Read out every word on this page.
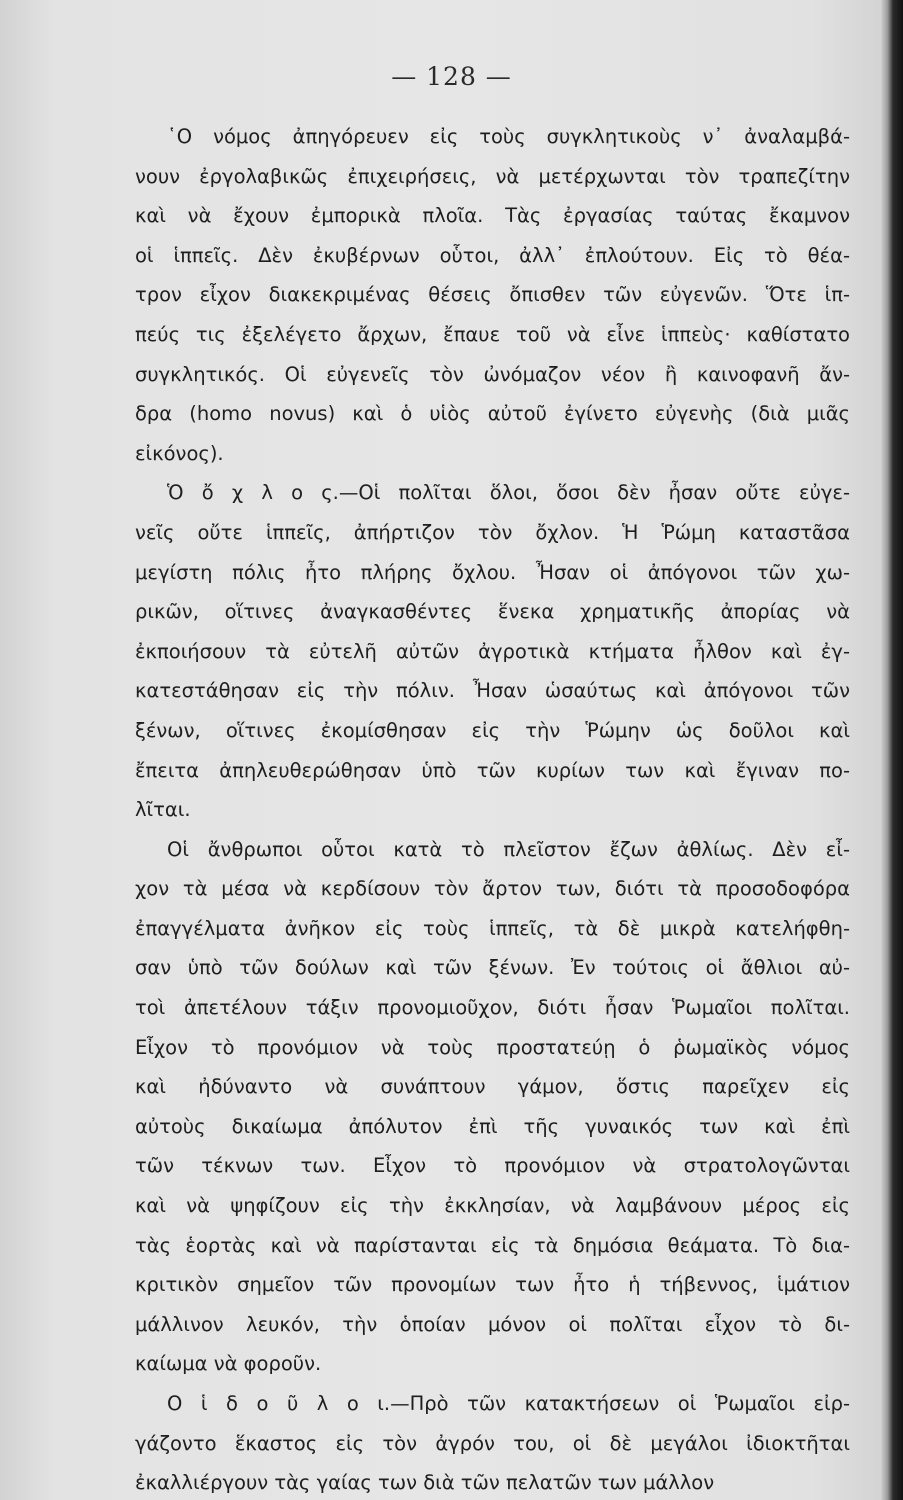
— 128 —
῾Ο νόμος ἀπηγόρευεν εἰς τοὺς συγκλητικοὺς ν᾿ ἀναλαμβά-
νουν ἐργολαβικῶς ἐπιχειρήσεις, νὰ μετέρχωνται τὸν τραπεζίτην
καὶ νὰ ἔχουν ἐμπορικὰ πλοῖα. Τὰς ἐργασίας ταύτας ἔκαμνον
οἱ ἱππεῖς. Δὲν ἐκυβέρνων οὗτοι, ἀλλ᾿ ἐπλούτουν. Εἰς τὸ θέα-
τρον εἶχον διακεκριμένας θέσεις ὄπισθεν τῶν εὐγενῶν. Ὅτε ἱπ-
πεύς τις ἐξελέγετο ἄρχων, ἔπαυε τοῦ νὰ εἶνε ἱππεὺς· καθίστατο
συγκλητικός. Οἱ εὐγενεῖς τὸν ὠνόμαζον νέον ἢ καινοφανῆ ἄν-
δρα (homo novus) καὶ ὁ υἱὸς αὐτοῦ ἐγίνετο εὐγενὴς (διὰ μιᾶς
εἰκόνος).
Ὁ ὄ χ λ ο ς.—Οἱ πολῖται ὅλοι, ὅσοι δὲν ἦσαν οὔτε εὐγε-
νεῖς οὔτε ἱππεῖς, ἀπήρτιζον τὸν ὄχλον. Ἡ Ῥώμη καταστᾶσα
μεγίστη πόλις ἦτο πλήρης ὄχλου. Ἦσαν οἱ ἀπόγονοι τῶν χω-
ρικῶν, οἵτινες ἀναγκασθέντες ἕνεκα χρηματικῆς ἀπορίας νὰ
ἐκποιήσουν τὰ εὐτελῆ αὐτῶν ἀγροτικὰ κτήματα ἦλθον καὶ ἐγ-
κατεστάθησαν εἰς τὴν πόλιν. Ἦσαν ὡσαύτως καὶ ἀπόγονοι τῶν
ξένων, οἵτινες ἐκομίσθησαν εἰς τὴν Ῥώμην ὡς δοῦλοι καὶ
ἔπειτα ἀπηλευθερώθησαν ὑπὸ τῶν κυρίων των καὶ ἔγιναν πο-
λῖται.
Οἱ ἄνθρωποι οὗτοι κατὰ τὸ πλεῖστον ἔζων ἀθλίως. Δὲν εἶ-
χον τὰ μέσα νὰ κερδίσουν τὸν ἄρτον των, διότι τὰ προσοδοφόρα
ἐπαγγέλματα ἀνῆκον εἰς τοὺς ἱππεῖς, τὰ δὲ μικρὰ κατελήφθη-
σαν ὑπὸ τῶν δούλων καὶ τῶν ξένων. Ἐν τούτοις οἱ ἄθλιοι αὐ-
τοὶ ἀπετέλουν τάξιν προνομιοῦχον, διότι ἦσαν Ῥωμαῖοι πολῖται.
Εἶχον τὸ προνόμιον νὰ τοὺς προστατεύῃ ὁ ῥωμαϊκὸς νόμος
καὶ ἠδύναντο νὰ συνάπτουν γάμον, ὅστις παρεῖχεν εἰς
αὐτοὺς δικαίωμα ἀπόλυτον ἐπὶ τῆς γυναικός των καὶ ἐπὶ
τῶν τέκνων των. Εἶχον τὸ προνόμιον νὰ στρατολογῶνται
καὶ νὰ ψηφίζουν εἰς τὴν ἐκκλησίαν, νὰ λαμβάνουν μέρος εἰς
τὰς ἑορτὰς καὶ νὰ παρίστανται εἰς τὰ δημόσια θεάματα. Τὸ δια-
κριτικὸν σημεῖον τῶν προνομίων των ἦτο ἡ τήβεννος, ἱμάτιον
μάλλινον λευκόν, τὴν ὁποίαν μόνον οἱ πολῖται εἶχον τὸ δι-
καίωμα νὰ φοροῦν.
Ο ἱ δ ο ῦ λ ο ι.—Πρὸ τῶν κατακτήσεων οἱ Ῥωμαῖοι εἰρ-
γάζοντο ἕκαστος εἰς τὸν ἀγρόν του, οἱ δὲ μεγάλοι ἰδιοκτῆται
ἐκαλλιέργουν τὰς γαίας των διὰ τῶν πελατῶν των μάλλον
